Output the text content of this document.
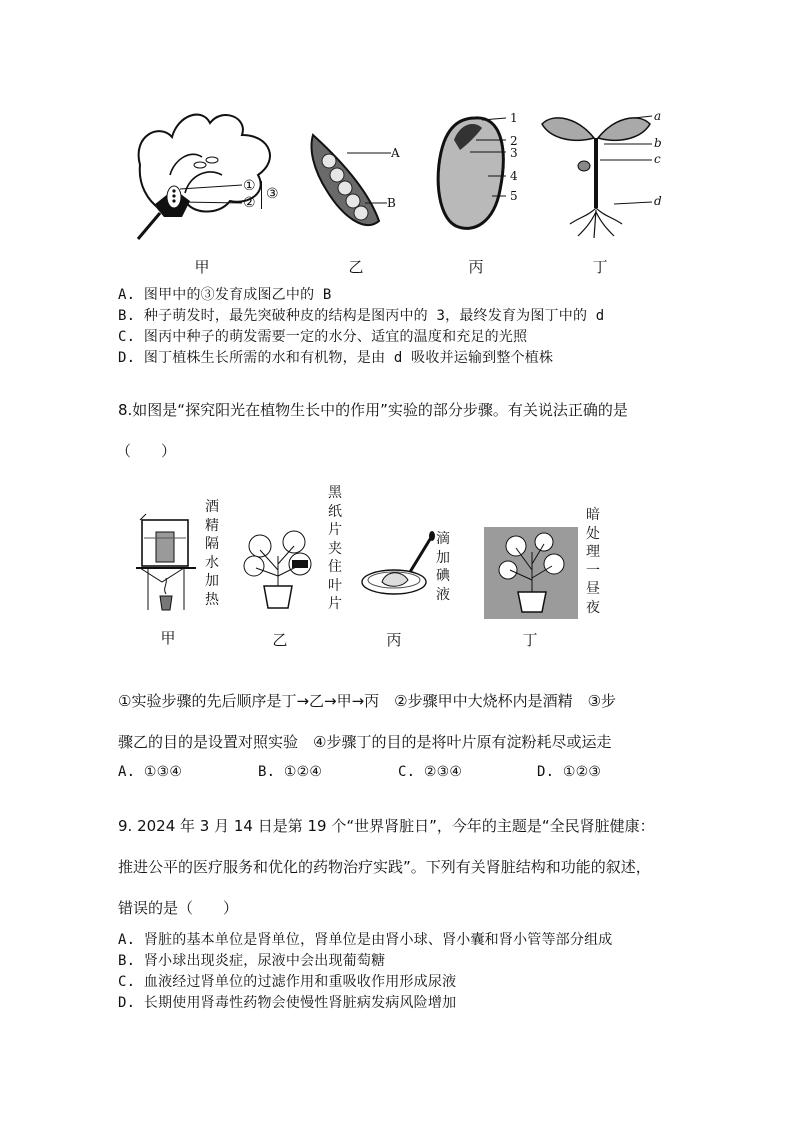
①
②
③
A
B
1
2
3
4
5
a
b
c
d
甲	乙	丙	丁
A. 图甲中的③发育成图乙中的 B
B. 种子萌发时，最先突破种皮的结构是图丙中的 3，最终发育为图丁中的 d
C. 图丙中种子的萌发需要一定的水分、适宜的温度和充足的光照
D. 图丁植株生长所需的水和有机物，是由 d 吸收并运输到整个植株
8.如图是“探究阳光在植物生长中的作用”实验的部分步骤。有关说法正确的是
（　　）
酒精隔水加热
黑纸片夹住叶片
滴加碘液
暗处理一昼夜
甲	乙	丙	丁
①实验步骤的先后顺序是丁→乙→甲→丙　②步骤甲中大烧杯内是酒精　③步
骤乙的目的是设置对照实验　④步骤丁的目的是将叶片原有淀粉耗尽或运走
A. ①③④	B. ①②④	C. ②③④	D. ①②③
9. 2024 年 3 月 14 日是第 19 个“世界肾脏日”，今年的主题是“全民肾脏健康：
推进公平的医疗服务和优化的药物治疗实践”。下列有关肾脏结构和功能的叙述，
错误的是（　　）
A. 肾脏的基本单位是肾单位，肾单位是由肾小球、肾小囊和肾小管等部分组成
B. 肾小球出现炎症，尿液中会出现葡萄糖
C. 血液经过肾单位的过滤作用和重吸收作用形成尿液
D. 长期使用肾毒性药物会使慢性肾脏病发病风险增加
